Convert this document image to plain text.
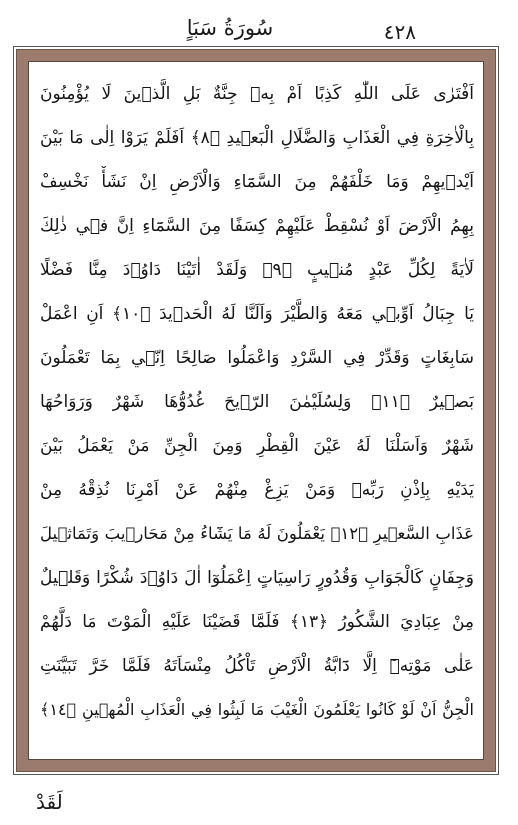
٤٢٨
سُورَةُ سَبَاٍ
اَفْتَرٰى عَلَى اللّٰهِ كَذِبًا اَمْ بِه۪ جِنَّةٌ بَلِ الَّذ۪ينَ لَا يُؤْمِنُونَ
بِالْاٰخِرَةِ فِي الْعَذَابِ وَالضَّلَالِ الْبَع۪يدِ ﴿٨﴾ اَفَلَمْ يَرَوْا اِلٰى مَا بَيْنَ
اَيْد۪يهِمْ وَمَا خَلْفَهُمْ مِنَ السَّمَٓاءِ وَالْاَرْضِ اِنْ نَشَأْ نَخْسِفْ
بِهِمُ الْاَرْضَ اَوْ نُسْقِطْ عَلَيْهِمْ كِسَفًا مِنَ السَّمَٓاءِ اِنَّ ف۪ي ذٰلِكَ
لَاٰيَةً لِكُلِّ عَبْدٍ مُن۪يبٍ ﴿٩﴾ وَلَقَدْ اٰتَيْنَا دَاوُ۫دَ مِنَّا فَضْلًا
يَا جِبَالُ اَوِّب۪ي مَعَهُ وَالطَّيْرَ وَاَلَنَّا لَهُ الْحَد۪يدَ ﴿١٠﴾ اَنِ اعْمَلْ
سَابِغَاتٍ وَقَدِّرْ فِي السَّرْدِ وَاعْمَلُوا صَالِحًا اِنّ۪ي بِمَا تَعْمَلُونَ
بَص۪يرٌ ﴿١١﴾ وَلِسُلَيْمٰنَ الرّ۪يحَ غُدُوُّهَا شَهْرٌ وَرَوَاحُهَا
شَهْرٌ وَاَسَلْنَا لَهُ عَيْنَ الْقِطْرِ وَمِنَ الْجِنِّ مَنْ يَعْمَلُ بَيْنَ
يَدَيْهِ بِاِذْنِ رَبِّه۪ وَمَنْ يَزِغْ مِنْهُمْ عَنْ اَمْرِنَا نُذِقْهُ مِنْ
عَذَابِ السَّع۪يرِ ﴿١٢﴾ يَعْمَلُونَ لَهُ مَا يَشَٓاءُ مِنْ مَحَار۪يبَ وَتَمَاث۪يلَ
وَجِفَانٍ كَالْجَوَابِ وَقُدُورٍ رَاسِيَاتٍ اِعْمَلُوٓا اٰلَ دَاوُ۫دَ شُكْرًا وَقَل۪يلٌ
مِنْ عِبَادِيَ الشَّكُورُ ﴿١٣﴾ فَلَمَّا قَضَيْنَا عَلَيْهِ الْمَوْتَ مَا دَلَّهُمْ
عَلٰى مَوْتِه۪ٓ اِلَّا دَٓابَّةُ الْاَرْضِ تَاْكُلُ مِنْسَاَتَهُ فَلَمَّا خَرَّ تَبَيَّنَتِ
الْجِنُّ اَنْ لَوْ كَانُوا يَعْلَمُونَ الْغَيْبَ مَا لَبِثُوا فِي الْعَذَابِ الْمُه۪ينِ ﴿١٤﴾
لَقَدْ
